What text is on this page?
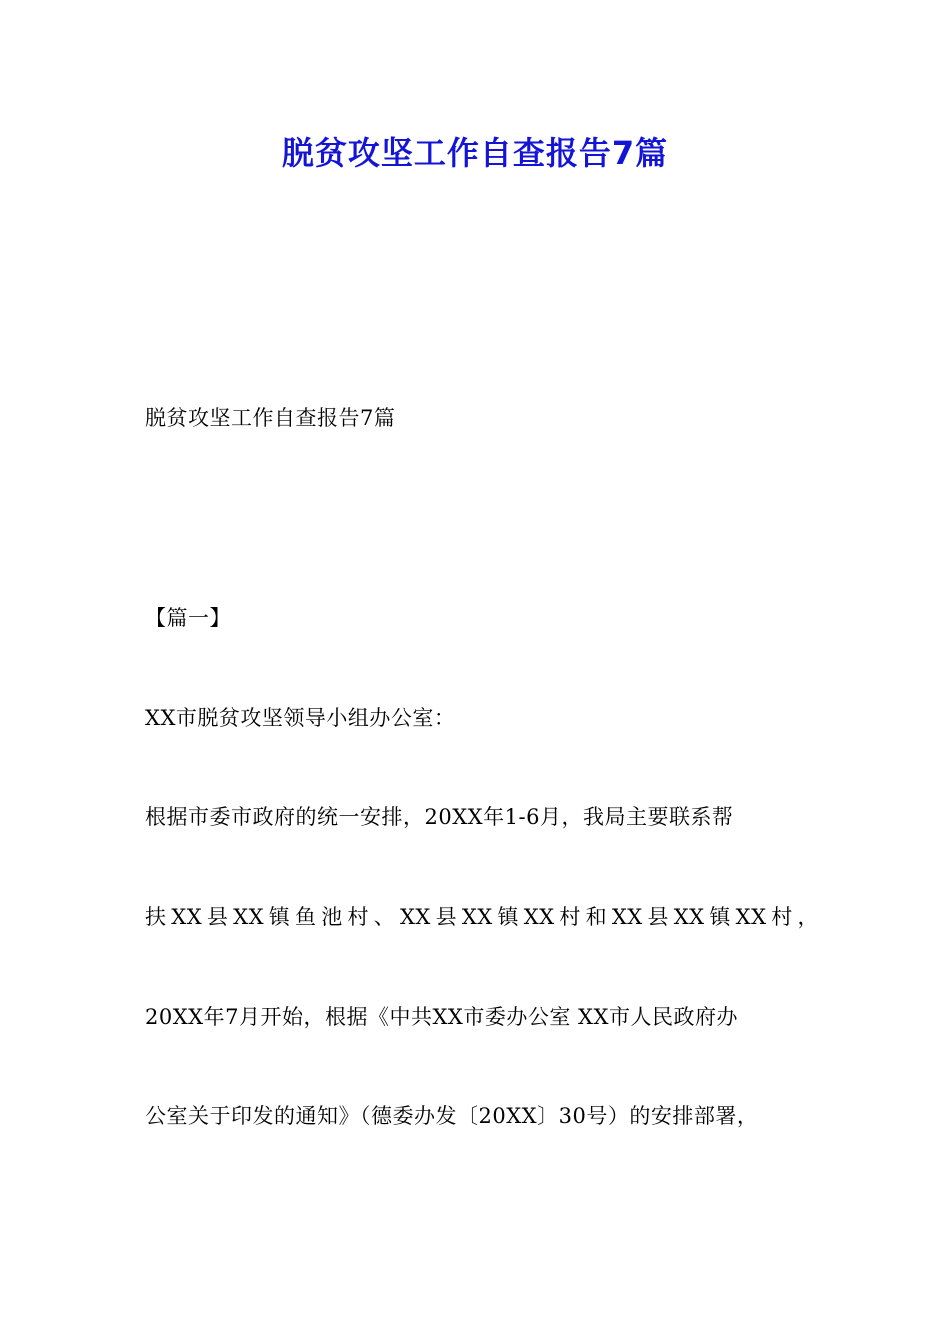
脱贫攻坚工作自查报告7篇
脱贫攻坚工作自查报告7篇
【篇一】
XX市脱贫攻坚领导小组办公室：
根据市委市政府的统一安排，20XX年1-6月，我局主要联系帮
扶XX县XX镇鱼池村、XX县XX镇XX村和XX县XX镇XX村，
20XX年7月开始，根据《中共XX市委办公室 XX市人民政府办
公室关于印发的通知》（德委办发〔20XX〕30号）的安排部署，
